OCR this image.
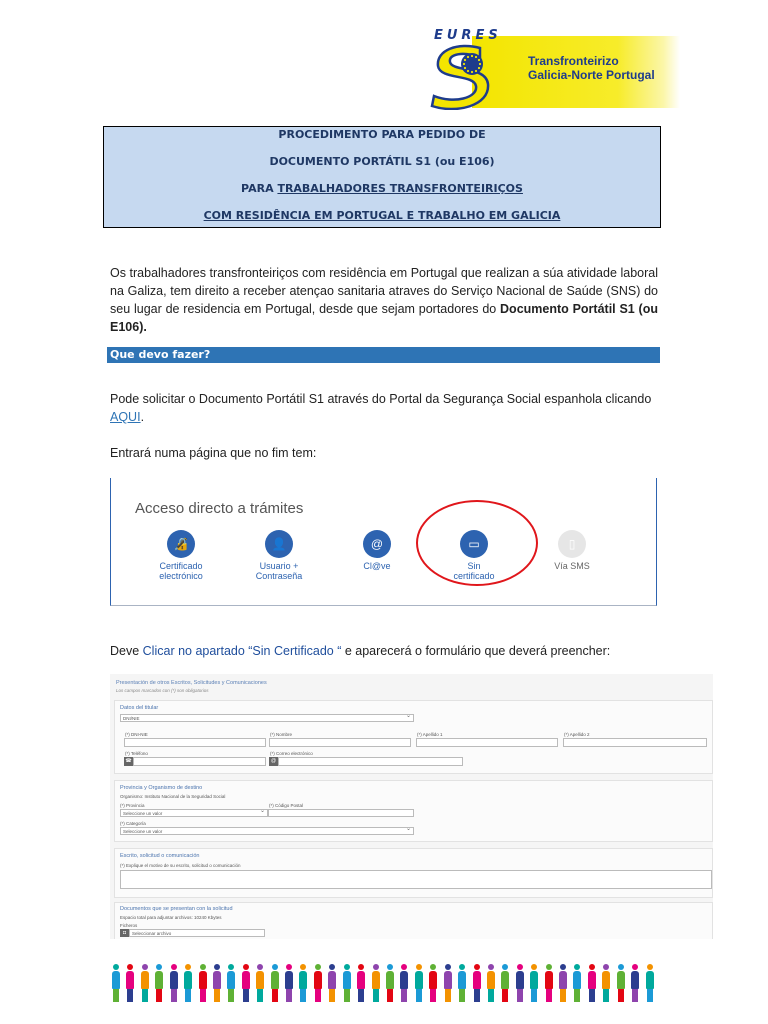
EURES
Transfronteirizo
Galicia-Norte Portugal
PROCEDIMENTO PARA PEDIDO DE
DOCUMENTO PORTÁTIL S1 (ou E106)
PARA TRABALHADORES TRANSFRONTEIRIÇOS
COM RESIDÊNCIA EM PORTUGAL E TRABALHO EM GALICIA

Os trabalhadores transfronteiriços com residência em Portugal que realizan a súa atividade laboral na Galiza, tem direito a receber atençao sanitaria atraves do Serviço Nacional de Saúde (SNS) do seu lugar de residencia em Portugal, desde que sejam portadores do Documento Portátil S1 (ou E106).

Que devo fazer?

Pode solicitar o Documento Portátil S1 através do Portal da Segurança Social espanhola clicando AQUI.

Entrará numa página que no fim tem:

Acceso directo a trámites
🔏
Certificado
electrónico
👤
Usuario +
Contraseña
@
Cl@ve
▭
Sin
certificado
▯
Vía SMS

Deve Clicar no apartado “Sin Certificado “ e aparecerá o formulário que deverá preencher:

Presentación de otros Escritos, Solicitudes y Comunicaciones
Los campos marcados con (*) son obligatorios
Datos del titular
DNI/NIE ⌄
(*) DNI-NIE	(*) Nombre	(*) Apellido 1	(*) Apellido 2
(*) Teléfono
☎
(*) Correo electrónico
@
Provincia y Organismo de destino
Organismo: Instituto Nacional de la Seguridad Social
(*) Provincia
Seleccione un valor ⌄
(*) Código Postal
(*) Categoría
Seleccione un valor ⌄
Escrito, solicitud o comunicación
(*) Explique el motivo de su escrito, solicitud o comunicación
Documentos que se presentan con la solicitud
Espacio total para adjuntar archivos: 10240 Kbytes
Ficheros
◘	Seleccionar archivo
